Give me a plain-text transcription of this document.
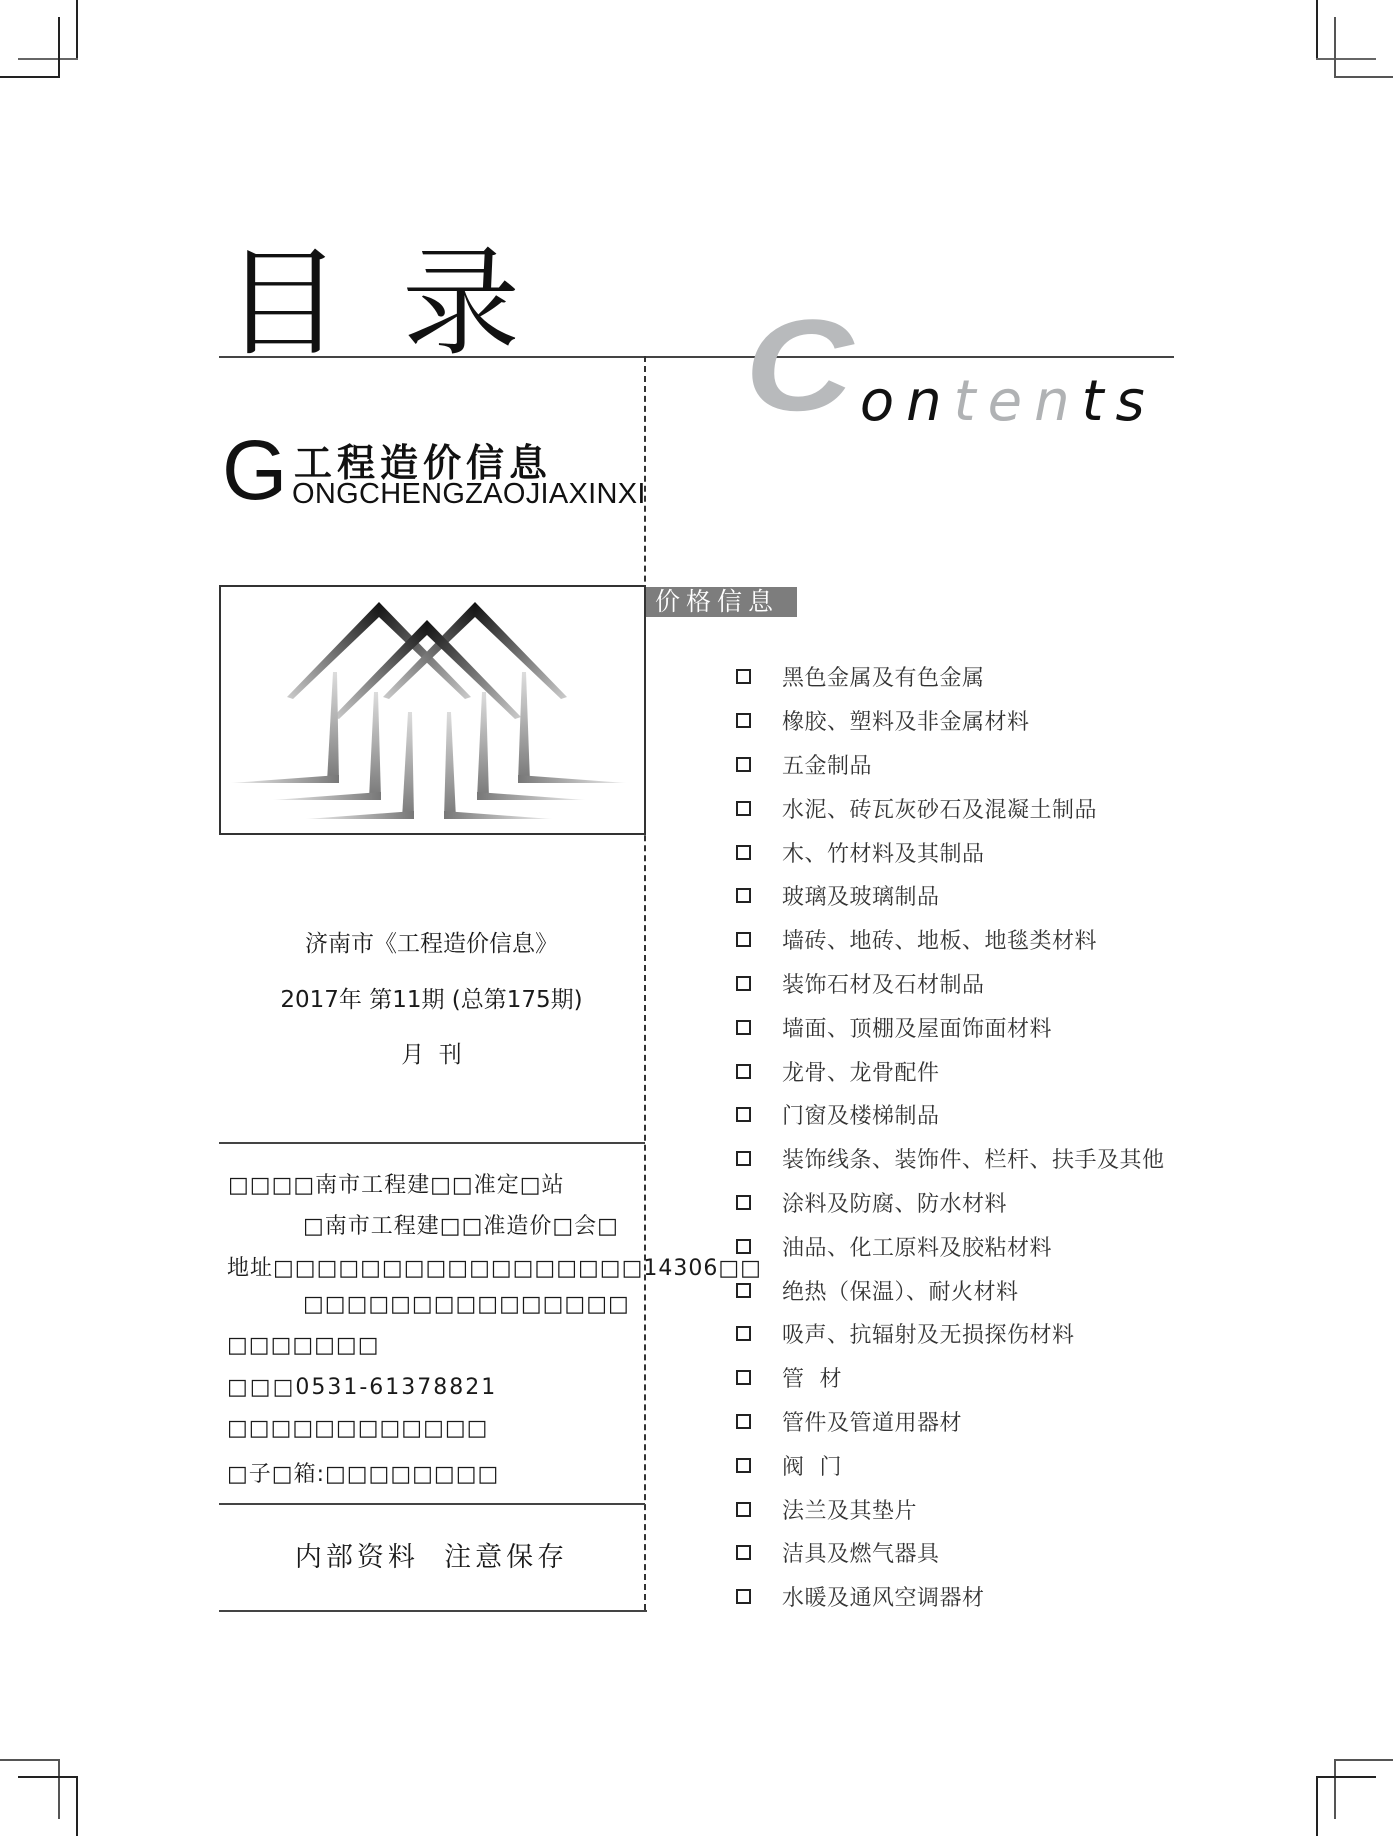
目录 C ontents
G 工程造价信息
ONGCHENGZAOJIAXINXI
济南市《工程造价信息》
2017年 第11期 (总第175期)
月  刊
□□□□南市工程建□□准定□站
□南市工程建□□准造价□会□
地址□□□□□□□□□□□□□□□□□14306□□
□□□□□□□□□□□□□□□
□□□□□□□
□□□0531-61378821
□□□□□□□□□□□□
□子□箱:□□□□□□□□
内部资料  注意保存
价格信息
黑色金属及有色金属
橡胶、塑料及非金属材料
五金制品
水泥、砖瓦灰砂石及混凝土制品
木、竹材料及其制品
玻璃及玻璃制品
墙砖、地砖、地板、地毯类材料
装饰石材及石材制品
墙面、顶棚及屋面饰面材料
龙骨、龙骨配件
门窗及楼梯制品
装饰线条、装饰件、栏杆、扶手及其他
涂料及防腐、防水材料
油品、化工原料及胶粘材料
绝热（保温）、耐火材料
吸声、抗辐射及无损探伤材料
管  材
管件及管道用器材
阀  门
法兰及其垫片
洁具及燃气器具
水暖及通风空调器材
